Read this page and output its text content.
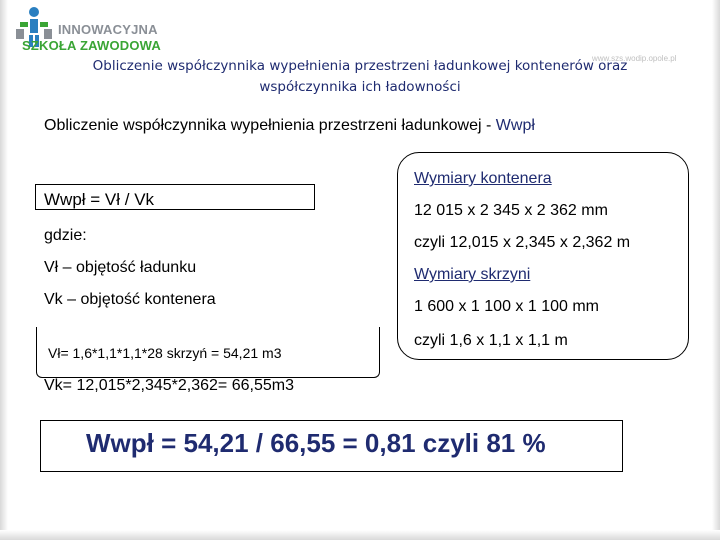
INNOWACYJNA
SZKOŁA ZAWODOWA
www.szs.wodip.opole.pl
Obliczenie współczynnika wypełnienia przestrzeni ładunkowej kontenerów oraz
współczynnika ich ładowności
Obliczenie współczynnika wypełnienia przestrzeni ładunkowej - Wwpł
Wwpł = Vł / Vk
gdzie:
Vł – objętość ładunku
Vk – objętość kontenera
Vł= 1,6*1,1*1,1*28 skrzyń = 54,21 m3
Vk= 12,015*2,345*2,362= 66,55m3
Wymiary kontenera
12 015 x 2 345 x 2 362 mm
czyli 12,015 x 2,345 x 2,362 m
Wymiary skrzyni
1 600 x 1 100 x 1 100 mm
czyli 1,6 x 1,1 x 1,1 m
Wwpł = 54,21 / 66,55 = 0,81 czyli 81 %
